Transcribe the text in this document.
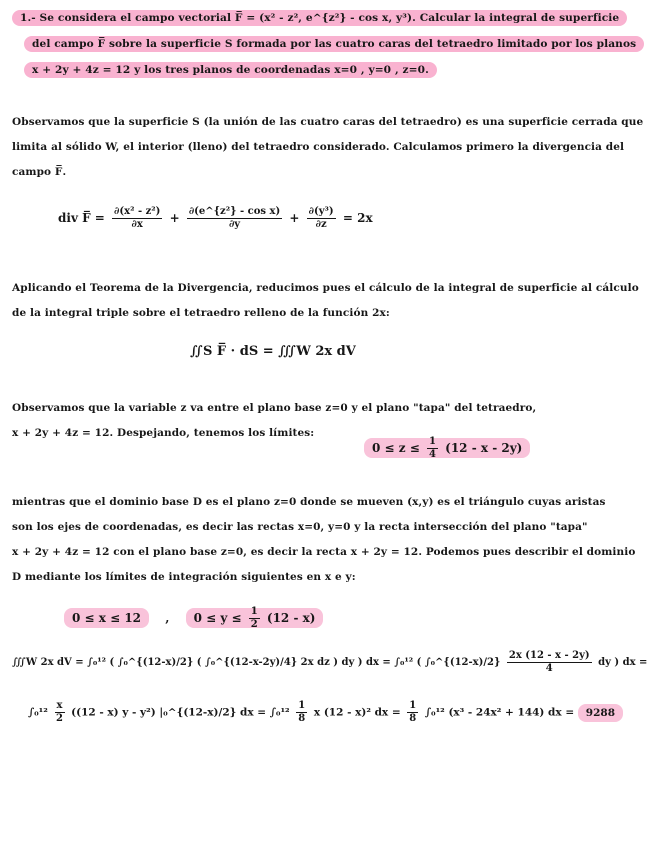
1.- Se considera el campo vectorial F̅ = (x² - z², e^{z²} - cos x, y³). Calcular la integral de superficie
del campo F̅ sobre la superficie S formada por las cuatro caras del tetraedro limitado por los planos
x + 2y + 4z = 12 y los tres planos de coordenadas x=0 , y=0 , z=0.
Observamos que la superficie S (la unión de las cuatro caras del tetraedro) es una superficie cerrada que
limita al sólido W, el interior (lleno) del tetraedro considerado. Calculamos primero la divergencia del
campo F̅.
div F̅ = $\frac{\text{∂(x² - z²)}}{\partial x} + \frac{\text{∂(e\textasciicircum{}\{z²\} - cos x)}}{\partial y} + \frac{\text{∂(y³)}}{\partial z} = 2x$
Aplicando el Teorema de la Divergencia, reducimos pues el cálculo de la integral de superficie al cálculo
de la integral triple sobre el tetraedro relleno de la función 2x:
∬S F̅ · dS = ∭W 2x dV
Observamos que la variable z va entre el plano base z=0 y el plano "tapa" del tetraedro,
x + 2y + 4z = 12. Despejando, tenemos los límites:
$0 \le z \le \frac{1}{4} (12 - x - 2y)$
mientras que el dominio base D es el plano z=0 donde se mueven (x,y) es el triángulo cuyas aristas
son los ejes de coordenadas, es decir las rectas x=0, y=0 y la recta intersección del plano "tapa"
x + 2y + 4z = 12 con el plano base z=0, es decir la recta x + 2y = 12. Podemos pues describir el dominio
D mediante los límites de integración siguientes en x e y:
0 ≤ x ≤ 12 , $0 \le y \le \frac{1}{2} (12 - x)$
∭W 2x dV = ∫₀¹² ( ∫₀^{(12-x)/2} ( ∫₀^{(12-x-2y)/4} 2x dz ) dy ) dx = ∫₀¹² ( ∫₀^{(12-x)/2} $\frac{2x (12 - x - 2y)}{4}$ dy ) dx =
$\int_0^{12} \frac{x}{2} ((12 - x)$ y - y²) |₀^{(12-x)/2} dx = $\int_0^{12} \frac{1}{8}$ x (12 - x)² dx = $\frac{1}{8} \int_0^{12}$ (x³ - 24x² + 144) dx = 9288
